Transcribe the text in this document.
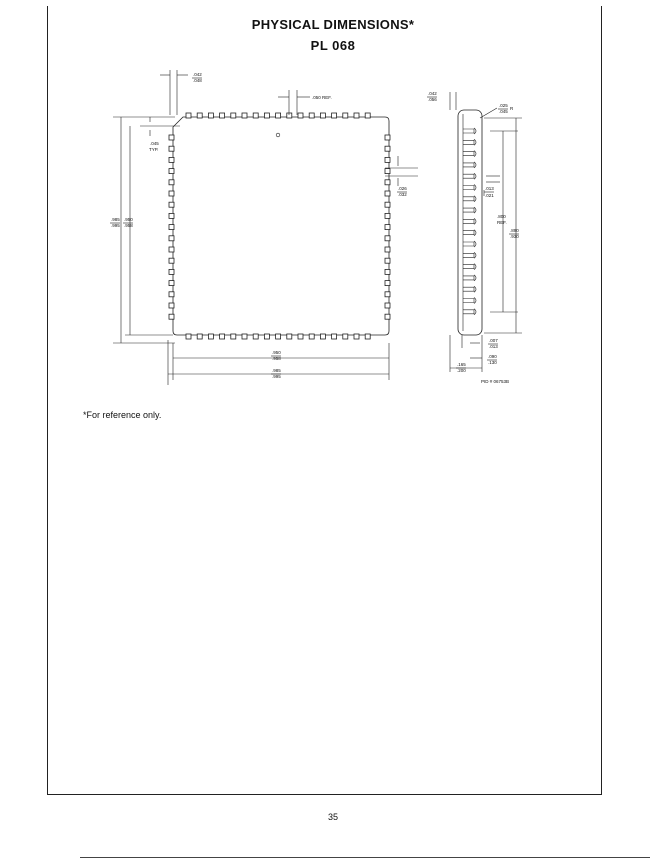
PHYSICAL DIMENSIONS*
PL 068
.042
.048
.050 REF.
.045
TYP.
.026
.032
.985
.995
.950
.958
.950
.958
.985
.995
.042
.056
.025
.045
R
.013
.021
.800
REF.
.890
.930
.007
.013
.165
.200
.090
.130
PID # 06753B
*For reference only.
35
